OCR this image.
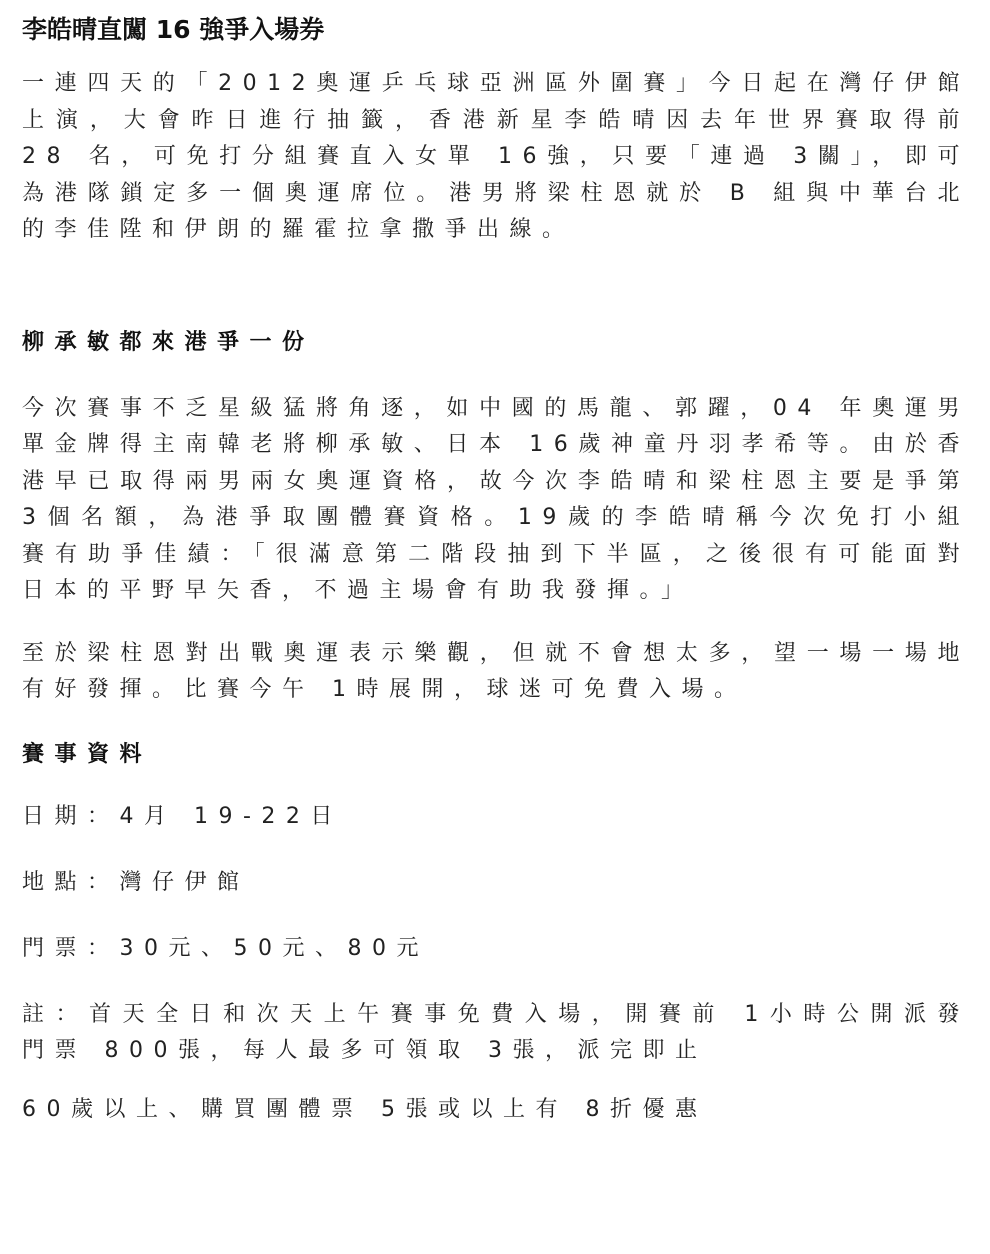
李皓晴直闖 16 強爭入場券

一連四天的「2012奧運乒乓球亞洲區外圍賽」今日起在灣仔伊館上演，大會昨日進行抽籤，香港新星李皓晴因去年世界賽取得前 28 名，可免打分組賽直入女單 16強，只要「連過 3關」，即可為港隊鎖定多一個奧運席位。港男將梁柱恩就於 B 組與中華台北的李佳陞和伊朗的羅霍拉拿撒爭出線。

柳承敏都來港爭一份

今次賽事不乏星級猛將角逐，如中國的馬龍、郭躍，04 年奧運男單金牌得主南韓老將柳承敏、日本 16歲神童丹羽孝希等。由於香港早已取得兩男兩女奧運資格，故今次李皓晴和梁柱恩主要是爭第 3個名額，為港爭取團體賽資格。19歲的李皓晴稱今次免打小組賽有助爭佳績：「很滿意第二階段抽到下半區，之後很有可能面對日本的平野早矢香，不過主場會有助我發揮。」

至於梁柱恩對出戰奧運表示樂觀，但就不會想太多，望一場一場地有好發揮。比賽今午 1時展開，球迷可免費入場。

賽事資料
日期：4月 19-22日
地點：灣仔伊館
門票：30元、50元、80元

註：首天全日和次天上午賽事免費入場，開賽前 1小時公開派發門票 800張，每人最多可領取 3張，派完即止

60歲以上、購買團體票 5張或以上有 8折優惠
